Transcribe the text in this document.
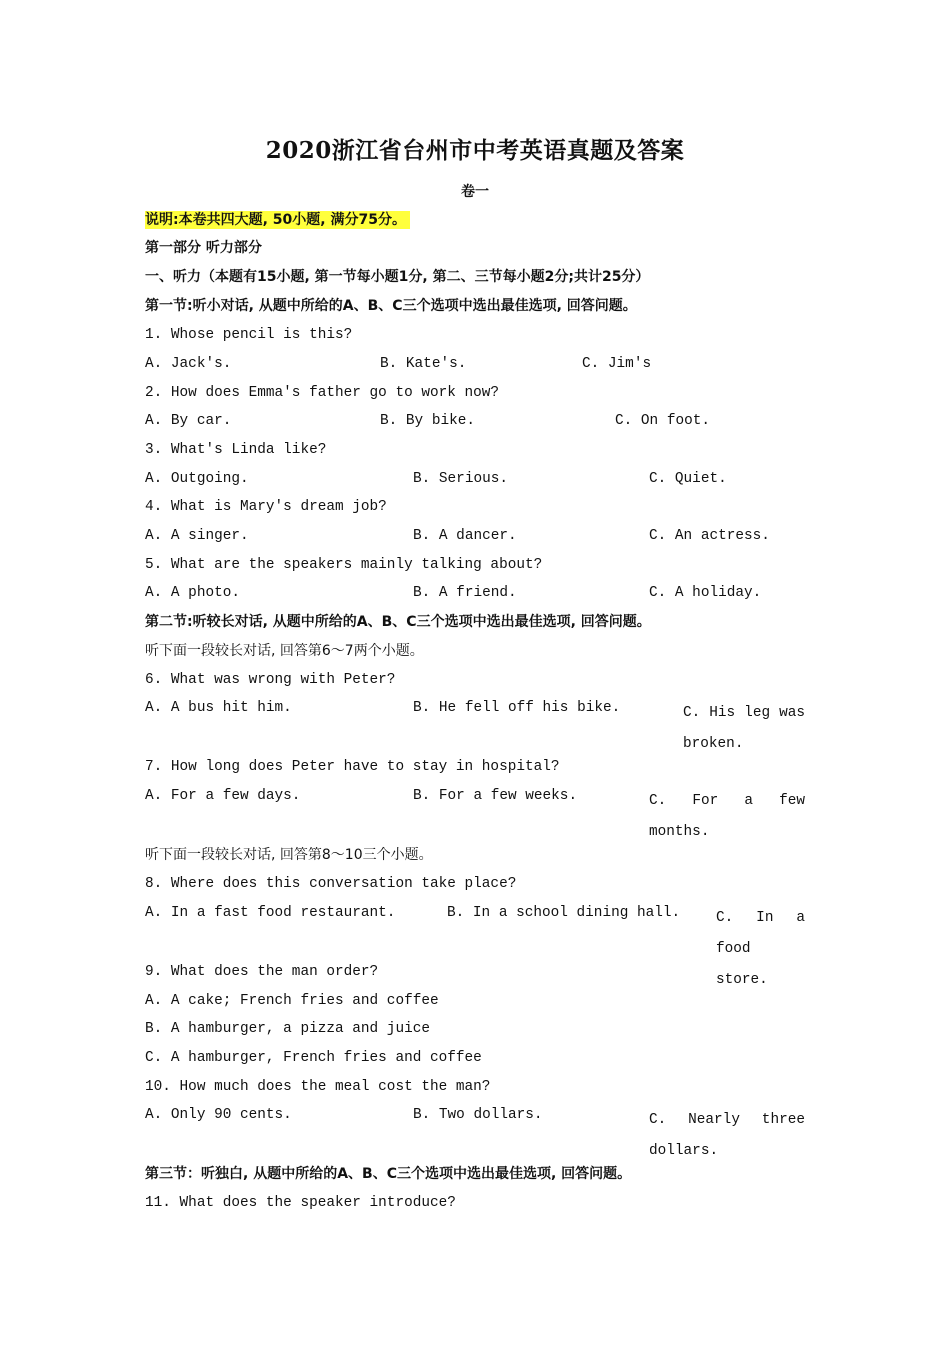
2020浙江省台州市中考英语真题及答案
卷一
说明:本卷共四大题, 50小题, 满分75分。
第一部分 听力部分
一、听力（本题有15小题, 第一节每小题1分, 第二、三节每小题2分;共计25分）
第一节:听小对话, 从题中所给的A、B、C三个选项中选出最佳选项, 回答问题。
1. Whose pencil is this?
A. Jack's.	B. Kate's.	C. Jim's
2. How does Emma's father go to work now?
A. By car.	B. By bike.	C. On foot.
3. What's Linda like?
A. Outgoing.	B. Serious.	C. Quiet.
4. What is Mary's dream job?
A. A singer.	B. A dancer.	C. An actress.
5. What are the speakers mainly talking about?
A. A photo.	B. A friend.	C. A holiday.
第二节:听较长对话, 从题中所给的A、B、C三个选项中选出最佳选项, 回答问题。
听下面一段较长对话, 回答第6～7两个小题。
6. What was wrong with Peter?
A. A bus hit him.	B. He fell off his bike.	C. His leg was broken.
7. How long does Peter have to stay in hospital?
A. For a few days.	B. For a few weeks.	C. For a few months.
听下面一段较长对话, 回答第8～10三个小题。
8. Where does this conversation take place?
A. In a fast food restaurant.	B. In a school dining hall. C. In a food store.
9. What does the man order?
A. A cake; French fries and coffee
B. A hamburger, a pizza and juice
C. A hamburger, French fries and coffee
10. How much does the meal cost the man?
A. Only 90 cents.	B. Two dollars.	C. Nearly three dollars.
第三节：听独白, 从题中所给的A、B、C三个选项中选出最佳选项, 回答问题。
11. What does the speaker introduce?
